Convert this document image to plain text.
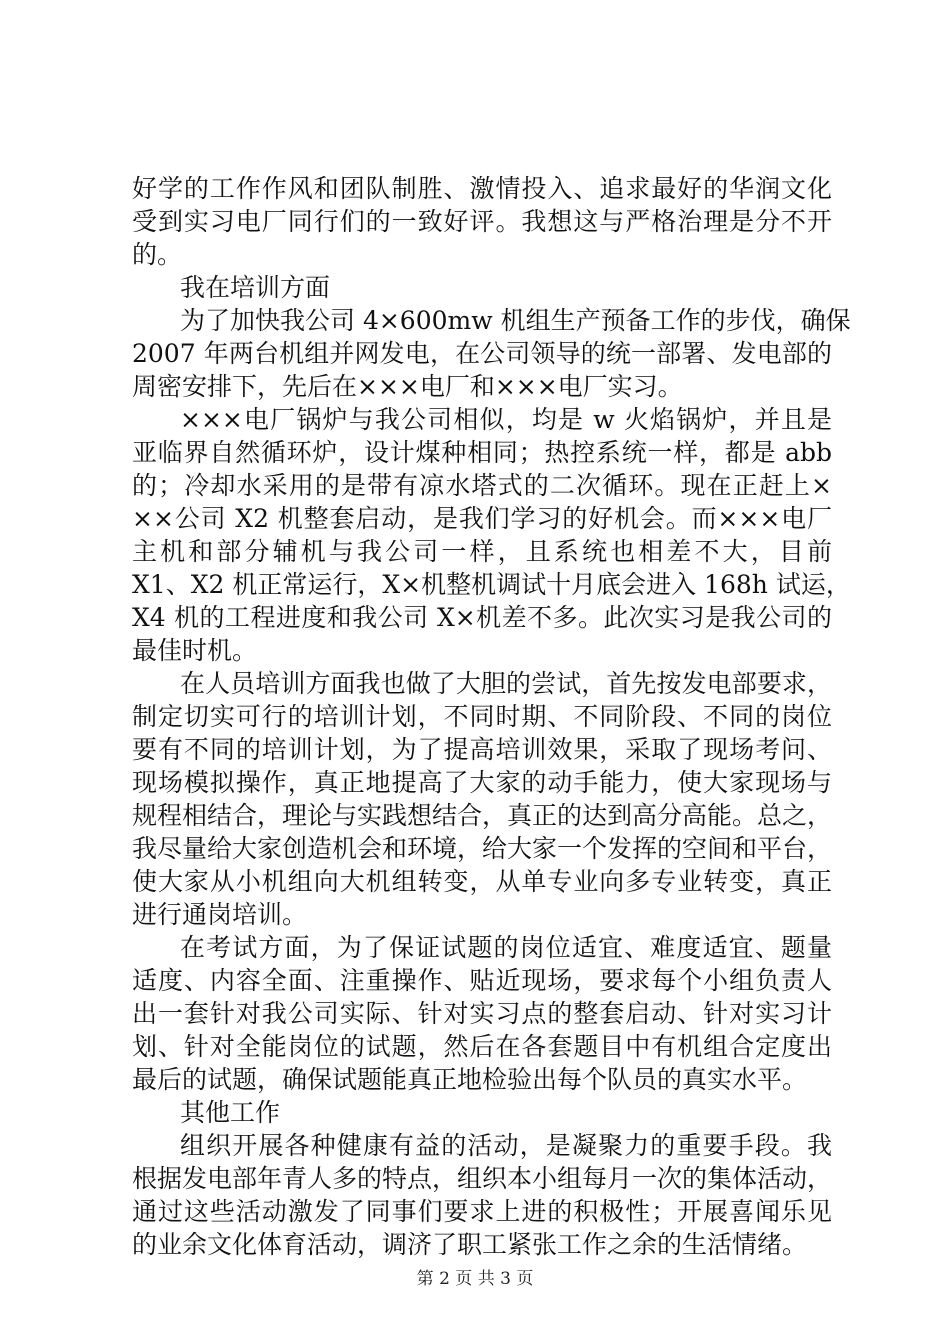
好学的工作作风和团队制胜、激情投入、追求最好的华润文化
受到实习电厂同行们的一致好评。我想这与严格治理是分不开
的。
我在培训方面
为了加快我公司 4×600mw 机组生产预备工作的步伐，确保
2007 年两台机组并网发电，在公司领导的统一部署、发电部的
周密安排下，先后在×××电厂和×××电厂实习。
×××电厂锅炉与我公司相似，均是 w 火焰锅炉，并且是
亚临界自然循环炉，设计煤种相同；热控系统一样，都是 abb
的；冷却水采用的是带有凉水塔式的二次循环。现在正赶上×
××公司 X2 机整套启动，是我们学习的好机会。而×××电厂
主机和部分辅机与我公司一样，且系统也相差不大，目前
X1、X2 机正常运行，X×机整机调试十月底会进入 168h 试运，
X4 机的工程进度和我公司 X×机差不多。此次实习是我公司的
最佳时机。
在人员培训方面我也做了大胆的尝试，首先按发电部要求，
制定切实可行的培训计划，不同时期、不同阶段、不同的岗位
要有不同的培训计划，为了提高培训效果，采取了现场考问、
现场模拟操作，真正地提高了大家的动手能力，使大家现场与
规程相结合，理论与实践想结合，真正的达到高分高能。总之，
我尽量给大家创造机会和环境，给大家一个发挥的空间和平台，
使大家从小机组向大机组转变，从单专业向多专业转变，真正
进行通岗培训。
在考试方面，为了保证试题的岗位适宜、难度适宜、题量
适度、内容全面、注重操作、贴近现场，要求每个小组负责人
出一套针对我公司实际、针对实习点的整套启动、针对实习计
划、针对全能岗位的试题，然后在各套题目中有机组合定度出
最后的试题，确保试题能真正地检验出每个队员的真实水平。
其他工作
组织开展各种健康有益的活动，是凝聚力的重要手段。我
根据发电部年青人多的特点，组织本小组每月一次的集体活动，
通过这些活动激发了同事们要求上进的积极性；开展喜闻乐见
的业余文化体育活动，调济了职工紧张工作之余的生活情绪。
第 2 页 共 3 页
